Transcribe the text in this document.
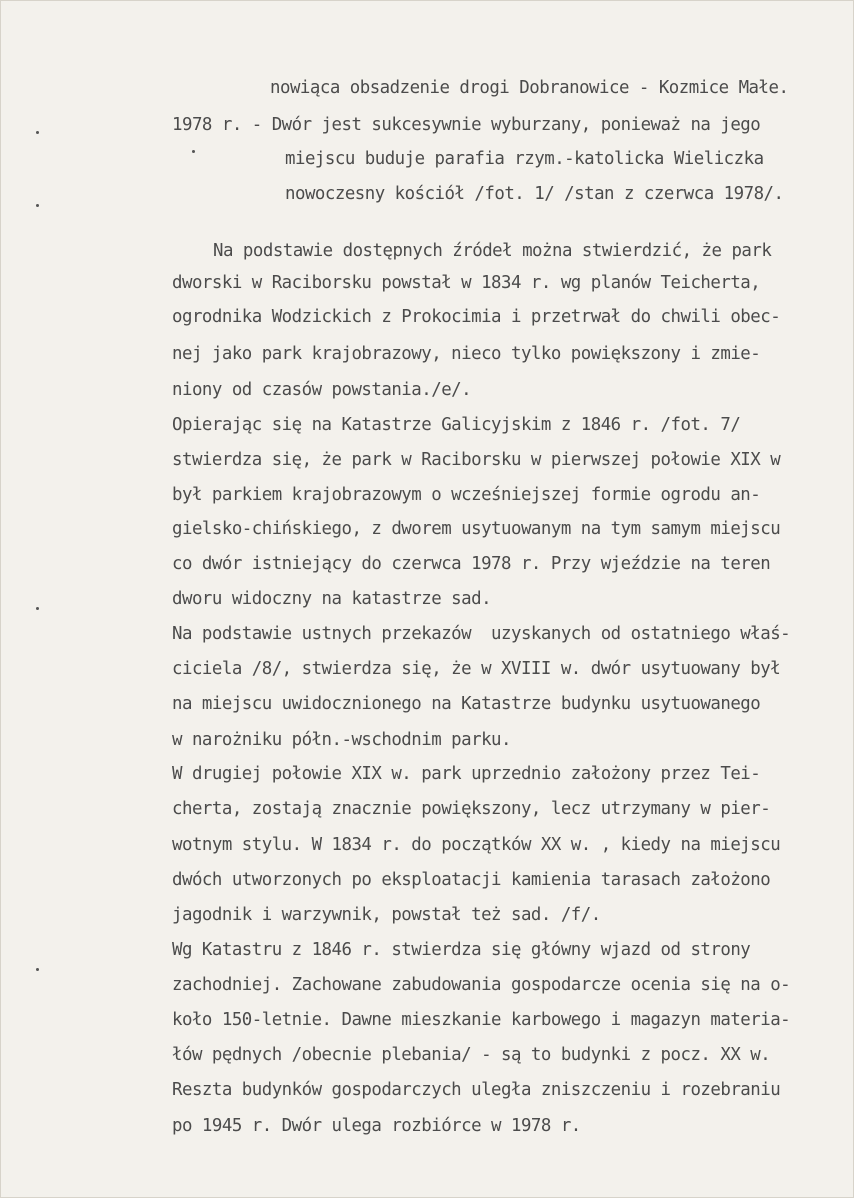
nowiąca obsadzenie drogi Dobranowice - Kozmice Małe.
1978 r. - Dwór jest sukcesywnie wyburzany, ponieważ na jego
miejscu buduje parafia rzym.-katolicka Wieliczka
nowoczesny kościół /fot. 1/ /stan z czerwca 1978/.
Na podstawie dostępnych źródeł można stwierdzić, że park
dworski w Raciborsku powstał w 1834 r. wg planów Teicherta,
ogrodnika Wodzickich z Prokocimia i przetrwał do chwili obec-
nej jako park krajobrazowy, nieco tylko powiększony i zmie-
niony od czasów powstania./e/.
Opierając się na Katastrze Galicyjskim z 1846 r. /fot. 7/
stwierdza się, że park w Raciborsku w pierwszej połowie XIX w
był parkiem krajobrazowym o wcześniejszej formie ogrodu an-
gielsko-chińskiego, z dworem usytuowanym na tym samym miejscu
co dwór istniejący do czerwca 1978 r. Przy wjeździe na teren
dworu widoczny na katastrze sad.
Na podstawie ustnych przekazów  uzyskanych od ostatniego właś-
ciciela /8/, stwierdza się, że w XVIII w. dwór usytuowany był
na miejscu uwidocznionego na Katastrze budynku usytuowanego
w narożniku półn.-wschodnim parku.
W drugiej połowie XIX w. park uprzednio założony przez Tei-
cherta, zostają znacznie powiększony, lecz utrzymany w pier-
wotnym stylu. W 1834 r. do początków XX w. , kiedy na miejscu
dwóch utworzonych po eksploatacji kamienia tarasach założono
jagodnik i warzywnik, powstał też sad. /f/.
Wg Katastru z 1846 r. stwierdza się główny wjazd od strony
zachodniej. Zachowane zabudowania gospodarcze ocenia się na o-
koło 150-letnie. Dawne mieszkanie karbowego i magazyn materia-
łów pędnych /obecnie plebania/ - są to budynki z pocz. XX w.
Reszta budynków gospodarczych uległa zniszczeniu i rozebraniu
po 1945 r. Dwór ulega rozbiórce w 1978 r.
